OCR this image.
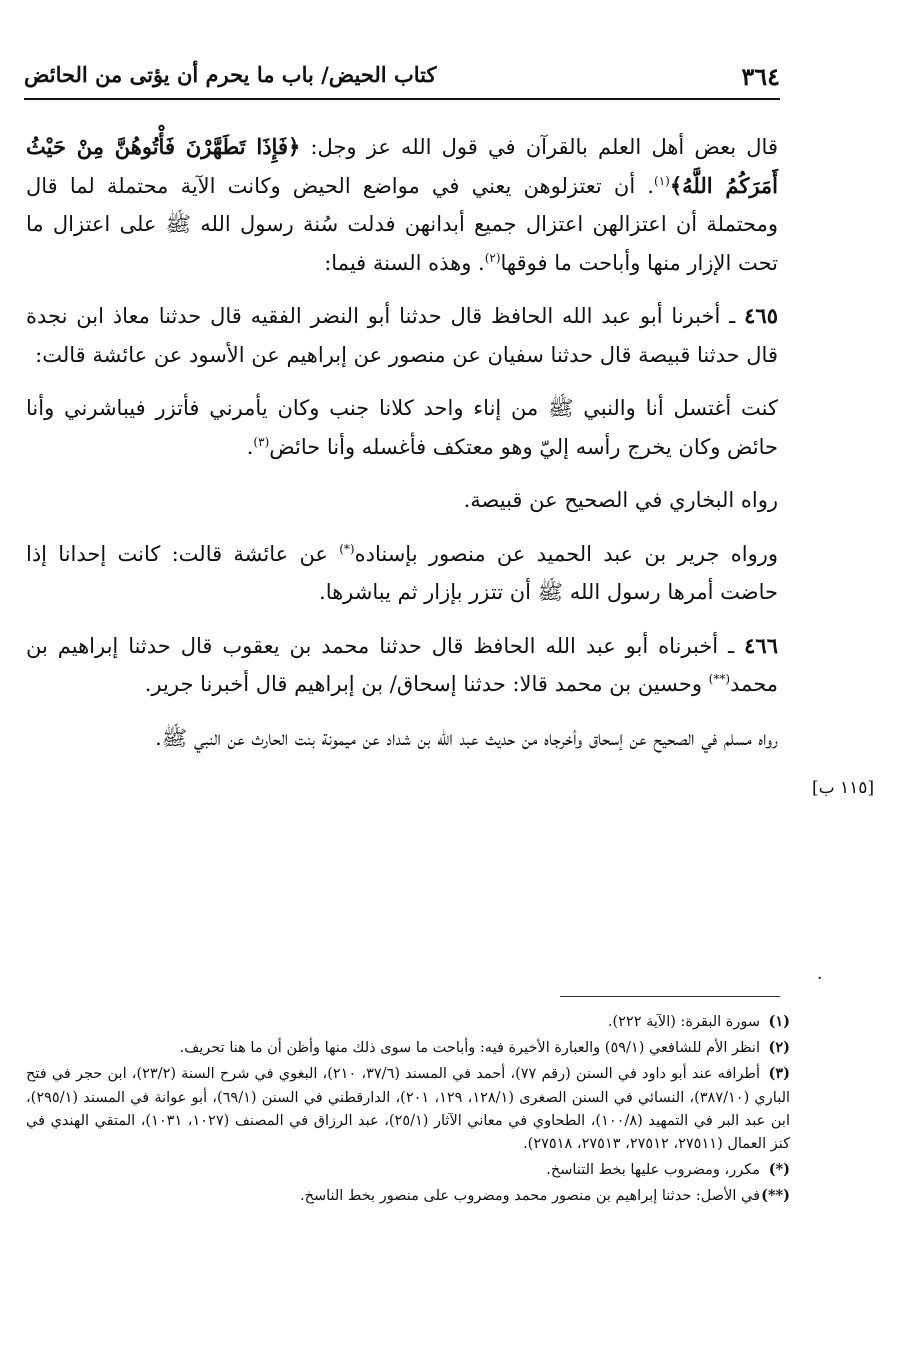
٣٦٤
كتاب الحيض/ باب ما يحرم أن يؤتى من الحائض

قال بعض أهل العلم بالقرآن في قول الله عز وجل: ﴿فَإِذَا تَطَهَّرْنَ فَأْتُوهُنَّ مِنْ حَيْثُ أَمَرَكُمُ اللَّهُ﴾$^{(١)}$. أن تعتزلوهن يعني في مواضع الحيض وكانت الآية محتملة لما قال ومحتملة أن اعتزالهن اعتزال جميع أبدانهن فدلت سُنة رسول الله ﷺ على اعتزال ما تحت الإزار منها وأباحت ما فوقها$^{(٢)}$. وهذه السنة فيما:

٤٦٥ ـ أخبرنا أبو عبد الله الحافظ قال حدثنا أبو النضر الفقيه قال حدثنا معاذ ابن نجدة قال حدثنا قبيصة قال حدثنا سفيان عن منصور عن إبراهيم عن الأسود عن عائشة قالت:

كنت أغتسل أنا والنبي ﷺ من إناء واحد كلانا جنب وكان يأمرني فأتزر فيباشرني وأنا حائض وكان يخرج رأسه إليّ وهو معتكف فأغسله وأنا حائض$^{(٣)}$.

رواه البخاري في الصحيح عن قبيصة.

ورواه جرير بن عبد الحميد عن منصور بإسناده(*) عن عائشة قالت: كانت إحدانا إذا حاضت أمرها رسول الله ﷺ أن تتزر بإزار ثم يباشرها.

٤٦٦ ـ أخبرناه أبو عبد الله الحافظ قال حدثنا محمد بن يعقوب قال حدثنا إبراهيم بن محمد(**) وحسين بن محمد قالا: حدثنا إسحاق/ بن إبراهيم قال أخبرنا جرير.

رواه مسلم في الصحيح عن إسحاق وأخرجاه من حديث عبد الله بن شداد عن ميمونة بنت الحارث عن النبي ﷺ.

[١١٥ ب]
.

(١)سورة البقرة: (الآية ٢٢٢).

(٢)انظر الأم للشافعي (٥٩/١) والعبارة الأخيرة فيه: وأباحت ما سوى ذلك منها وأظن أن ما هنا تحريف.

(٣)أطرافه عند أبو داود في السنن (رقم ٧٧)، أحمد في المسند (٣٧/٦، ٢١٠)، البغوي في شرح السنة (٢٣/٢)، ابن حجر في فتح الباري (٣٨٧/١٠)، النسائي في السنن الصغرى (١٢٨/١، ١٢٩، ٢٠١)، الدارقطني في السنن (٦٩/١)، أبو عوانة في المسند (٢٩٥/١)، ابن عبد البر في التمهيد (١٠٠/٨)، الطحاوي في معاني الآثار (٢٥/١)، عبد الرزاق في المصنف (١٠٢٧، ١٠٣١)، المتقي الهندي في كنز العمال (٢٧٥١١، ٢٧٥١٢، ٢٧٥١٣، ٢٧٥١٨).

(*)مكرر، ومضروب عليها بخط التناسخ.

(**)في الأصل: حدثنا إبراهيم بن منصور محمد ومضروب على منصور بخط الناسخ.
